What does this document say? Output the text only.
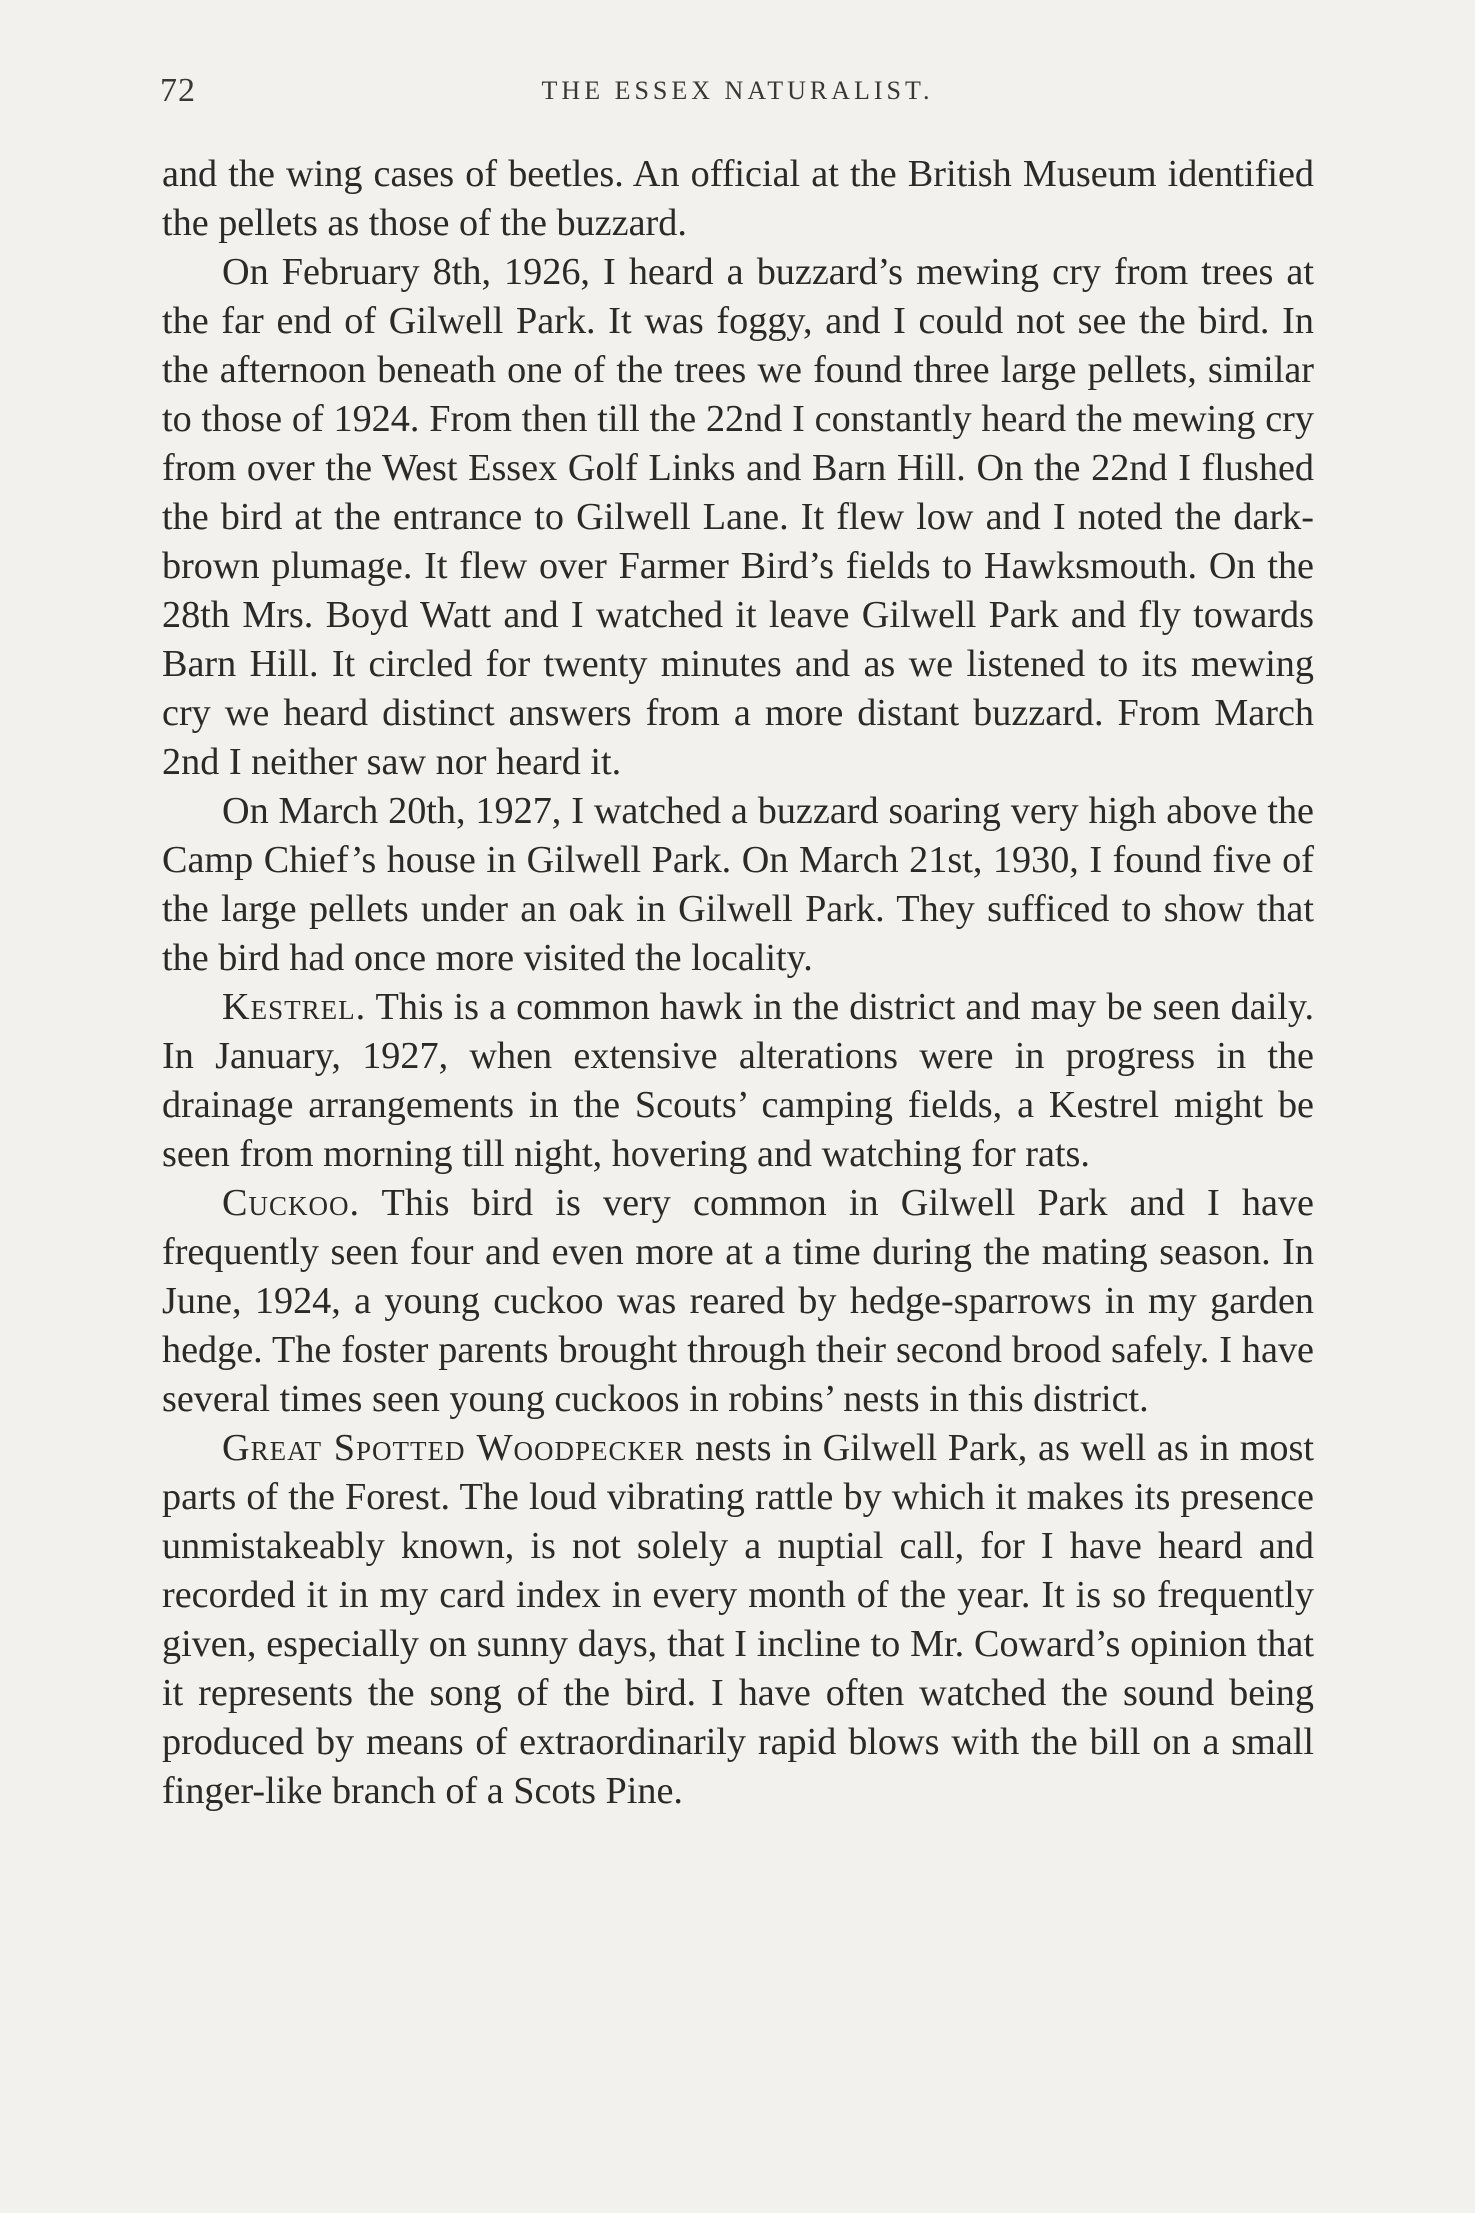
72	THE ESSEX NATURALIST.

and the wing cases of beetles. An official at the British Museum identified the pellets as those of the buzzard.

On February 8th, 1926, I heard a buzzard’s mewing cry from trees at the far end of Gilwell Park. It was foggy, and I could not see the bird. In the afternoon beneath one of the trees we found three large pellets, similar to those of 1924. From then till the 22nd I constantly heard the mewing cry from over the West Essex Golf Links and Barn Hill. On the 22nd I flushed the bird at the entrance to Gilwell Lane. It flew low and I noted the dark-brown plumage. It flew over Farmer Bird’s fields to Hawksmouth. On the 28th Mrs. Boyd Watt and I watched it leave Gilwell Park and fly towards Barn Hill. It circled for twenty minutes and as we listened to its mewing cry we heard distinct answers from a more distant buzzard. From March 2nd I neither saw nor heard it.

On March 20th, 1927, I watched a buzzard soaring very high above the Camp Chief’s house in Gilwell Park. On March 21st, 1930, I found five of the large pellets under an oak in Gilwell Park. They sufficed to show that the bird had once more visited the locality.

Kestrel. This is a common hawk in the district and may be seen daily. In January, 1927, when extensive alterations were in progress in the drainage arrangements in the Scouts’ camping fields, a Kestrel might be seen from morning till night, hovering and watching for rats.

Cuckoo. This bird is very common in Gilwell Park and I have frequently seen four and even more at a time during the mating season. In June, 1924, a young cuckoo was reared by hedge-sparrows in my garden hedge. The foster parents brought through their second brood safely. I have several times seen young cuckoos in robins’ nests in this district.

Great Spotted Woodpecker nests in Gilwell Park, as well as in most parts of the Forest. The loud vibrating rattle by which it makes its presence unmistakeably known, is not solely a nuptial call, for I have heard and recorded it in my card index in every month of the year. It is so frequently given, especially on sunny days, that I incline to Mr. Coward’s opinion that it represents the song of the bird. I have often watched the sound being produced by means of extraordinarily rapid blows with the bill on a small finger-like branch of a Scots Pine.
